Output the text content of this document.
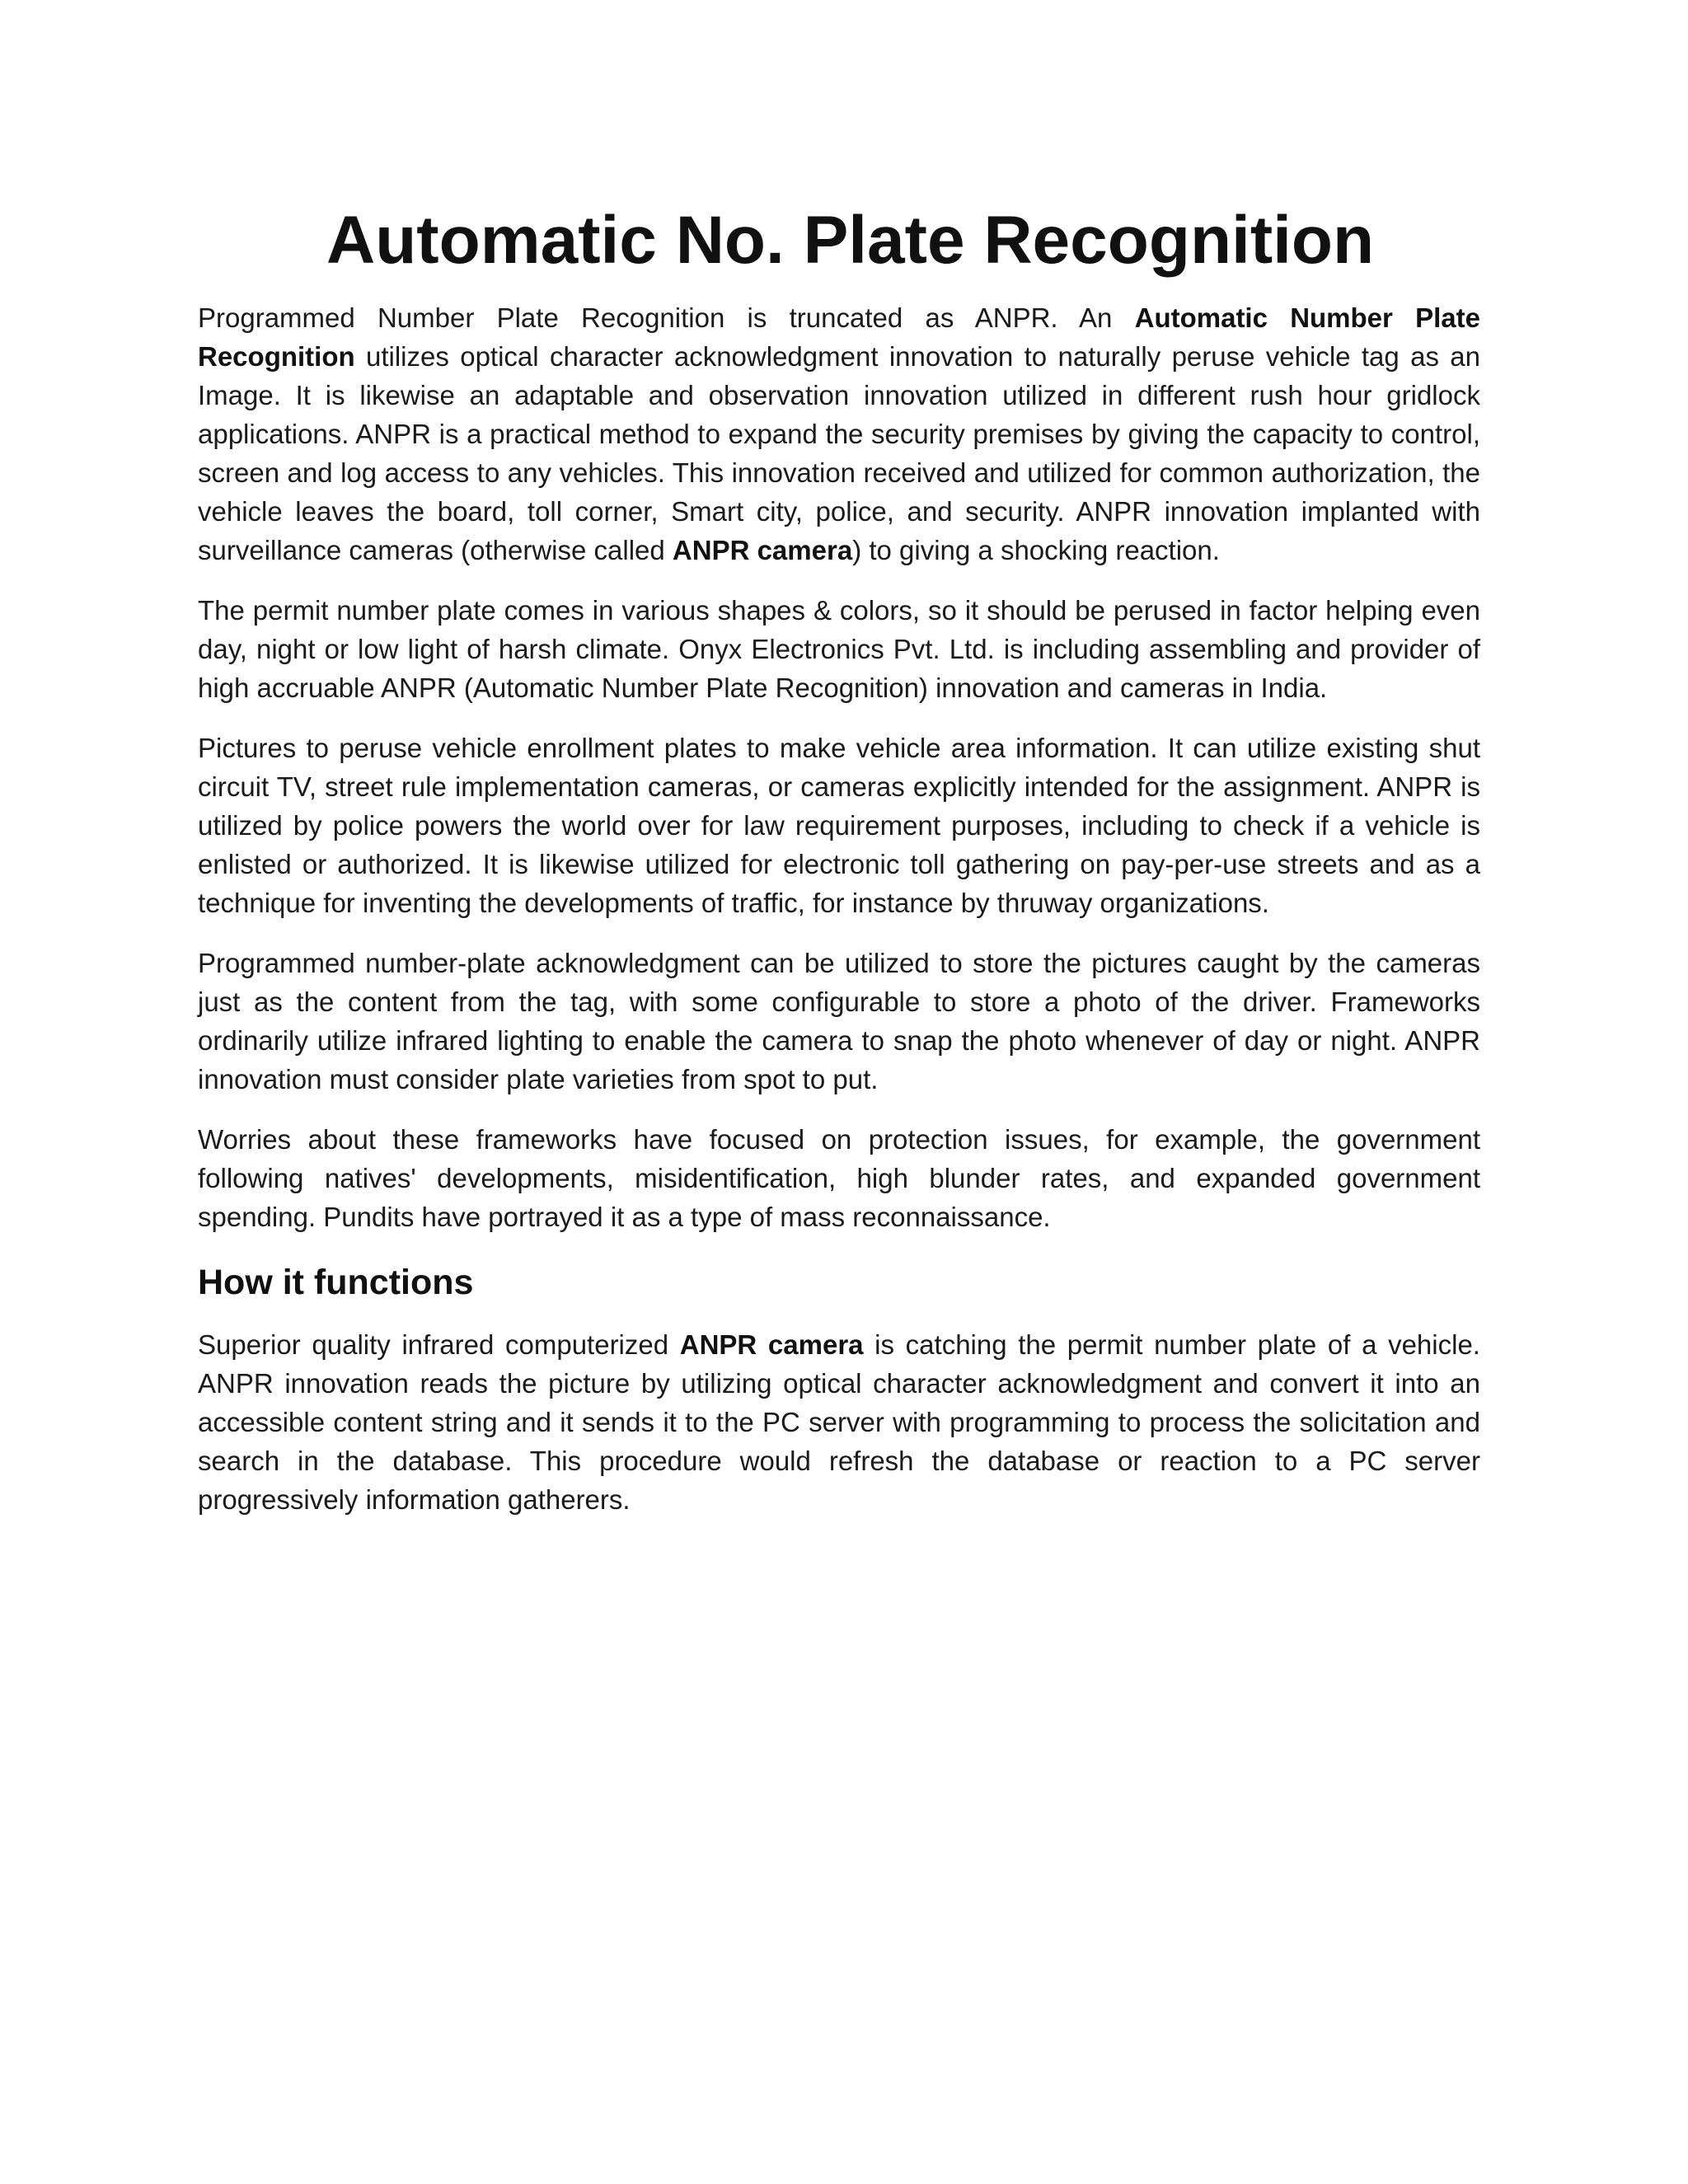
Automatic No. Plate Recognition

Programmed Number Plate Recognition is truncated as ANPR. An Automatic Number Plate Recognition utilizes optical character acknowledgment innovation to naturally peruse vehicle tag as an Image. It is likewise an adaptable and observation innovation utilized in different rush hour gridlock applications. ANPR is a practical method to expand the security premises by giving the capacity to control, screen and log access to any vehicles. This innovation received and utilized for common authorization, the vehicle leaves the board, toll corner, Smart city, police, and security. ANPR innovation implanted with surveillance cameras (otherwise called ANPR camera) to giving a shocking reaction.

The permit number plate comes in various shapes & colors, so it should be perused in factor helping even day, night or low light of harsh climate. Onyx Electronics Pvt. Ltd. is including assembling and provider of high accruable ANPR (Automatic Number Plate Recognition) innovation and cameras in India.

Pictures to peruse vehicle enrollment plates to make vehicle area information. It can utilize existing shut circuit TV, street rule implementation cameras, or cameras explicitly intended for the assignment. ANPR is utilized by police powers the world over for law requirement purposes, including to check if a vehicle is enlisted or authorized. It is likewise utilized for electronic toll gathering on pay-per-use streets and as a technique for inventing the developments of traffic, for instance by thruway organizations.

Programmed number-plate acknowledgment can be utilized to store the pictures caught by the cameras just as the content from the tag, with some configurable to store a photo of the driver. Frameworks ordinarily utilize infrared lighting to enable the camera to snap the photo whenever of day or night. ANPR innovation must consider plate varieties from spot to put.

Worries about these frameworks have focused on protection issues, for example, the government following natives' developments, misidentification, high blunder rates, and expanded government spending. Pundits have portrayed it as a type of mass reconnaissance.

How it functions

Superior quality infrared computerized ANPR camera is catching the permit number plate of a vehicle. ANPR innovation reads the picture by utilizing optical character acknowledgment and convert it into an accessible content string and it sends it to the PC server with programming to process the solicitation and search in the database. This procedure would refresh the database or reaction to a PC server progressively information gatherers.
